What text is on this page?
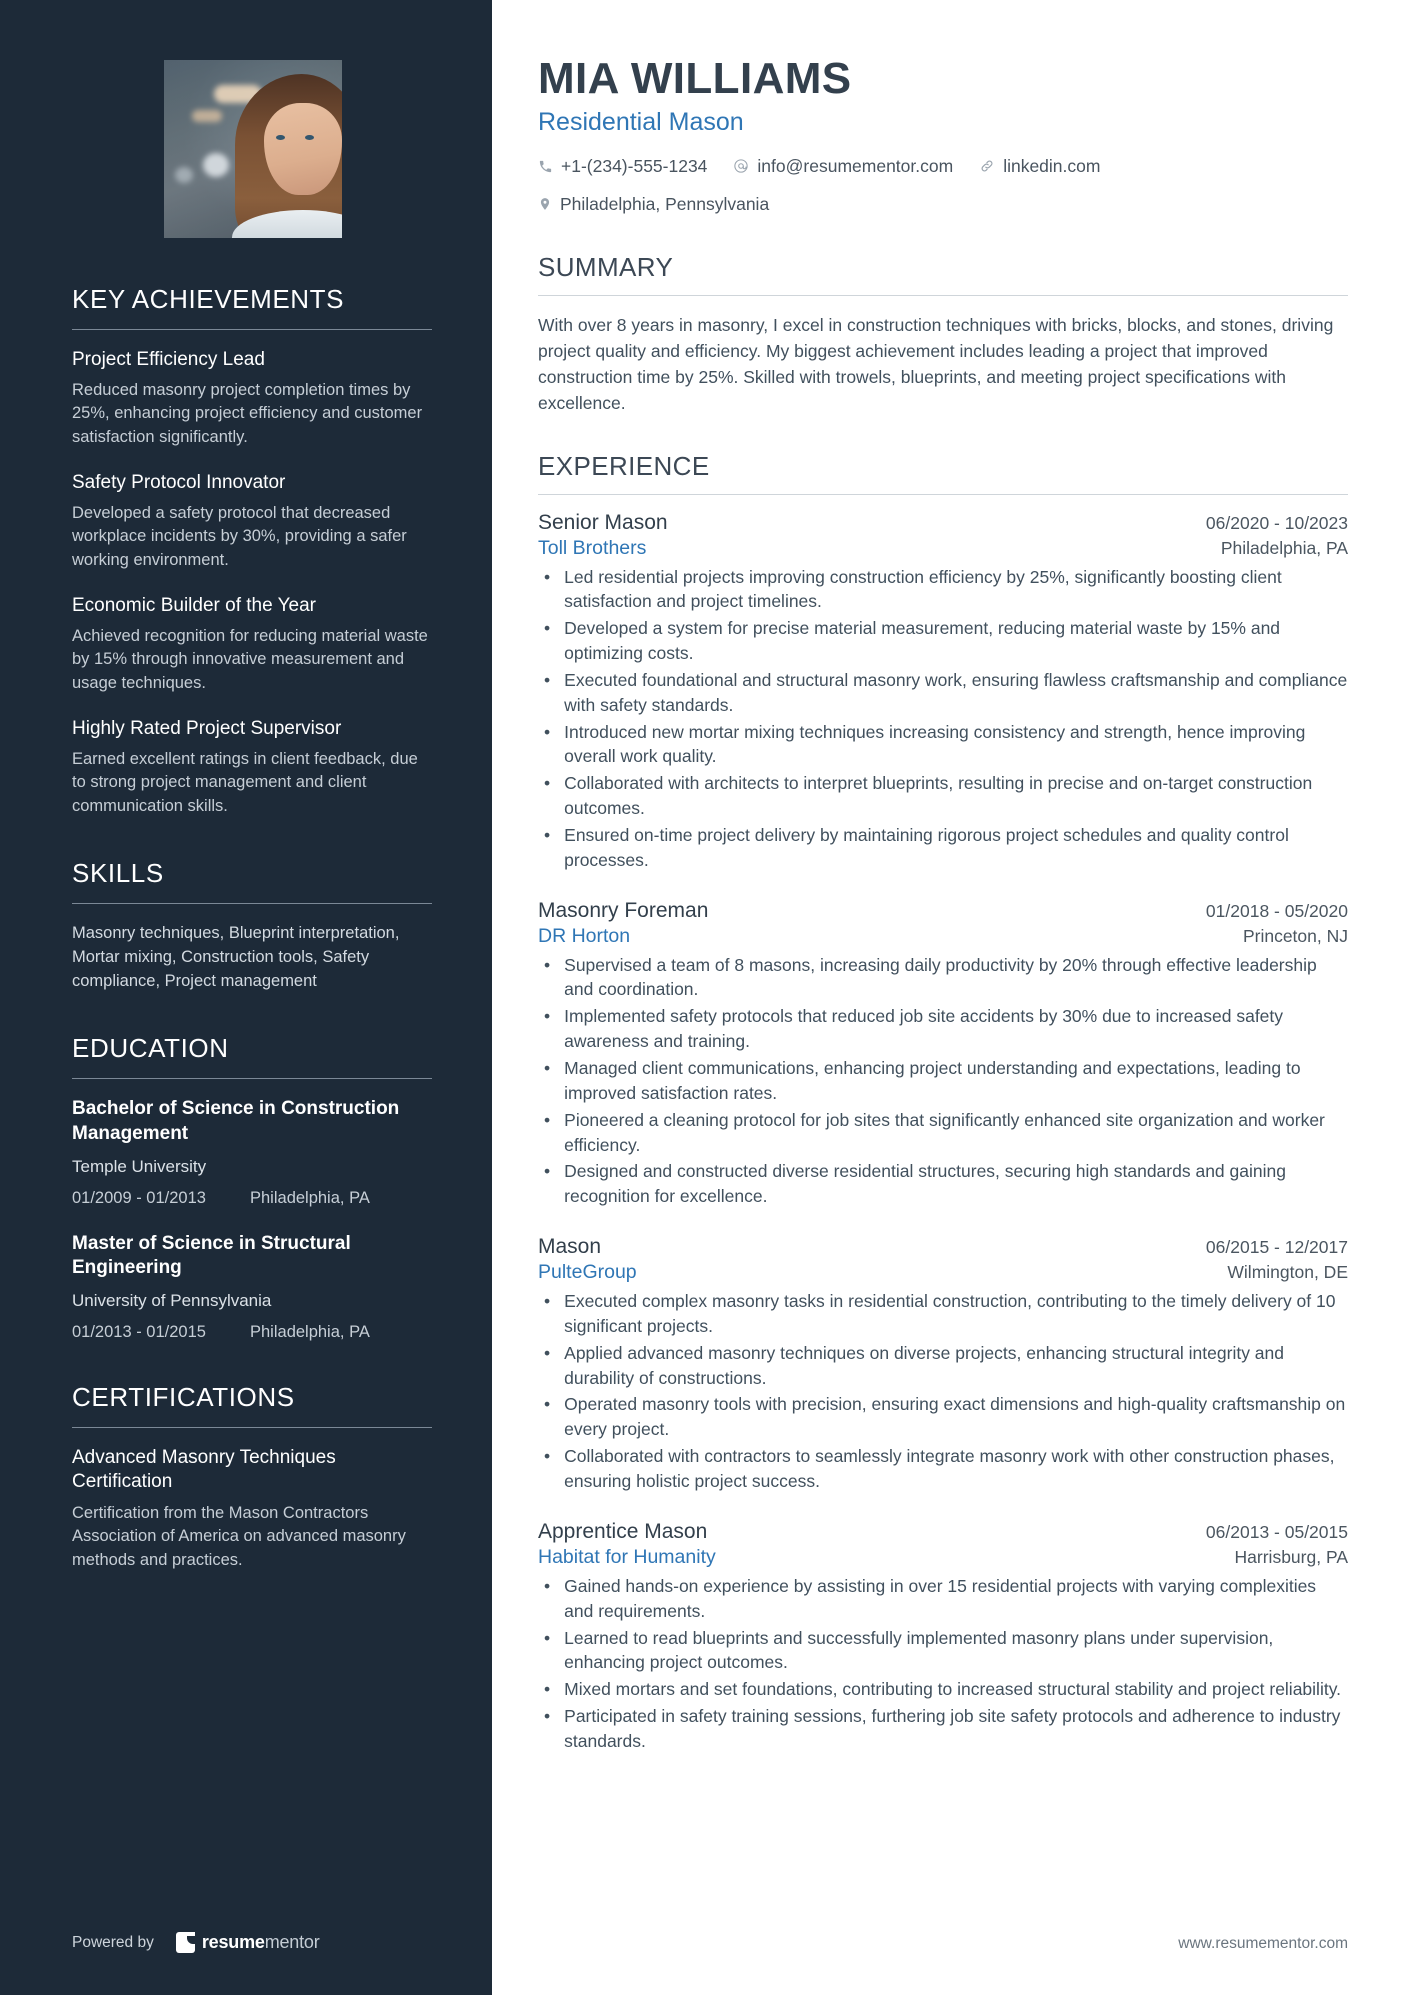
KEY ACHIEVEMENTS
Project Efficiency Lead
Reduced masonry project completion times by 25%, enhancing project efficiency and customer satisfaction significantly.
Safety Protocol Innovator
Developed a safety protocol that decreased workplace incidents by 30%, providing a safer working environment.
Economic Builder of the Year
Achieved recognition for reducing material waste by 15% through innovative measurement and usage techniques.
Highly Rated Project Supervisor
Earned excellent ratings in client feedback, due to strong project management and client communication skills.
SKILLS
Masonry techniques, Blueprint interpretation, Mortar mixing, Construction tools, Safety compliance, Project management
EDUCATION
Bachelor of Science in Construction Management
Temple University
01/2009 - 01/2013	Philadelphia, PA
Master of Science in Structural Engineering
University of Pennsylvania
01/2013 - 01/2015	Philadelphia, PA
CERTIFICATIONS
Advanced Masonry Techniques Certification
Certification from the Mason Contractors Association of America on advanced masonry methods and practices.
Powered by	resumementor
MIA WILLIAMS
Residential Mason
+1-(234)-555-1234	info@resumementor.com	linkedin.com
Philadelphia, Pennsylvania
SUMMARY

With over 8 years in masonry, I excel in construction techniques with bricks, blocks, and stones, driving project quality and efficiency. My biggest achievement includes leading a project that improved construction time by 25%. Skilled with trowels, blueprints, and meeting project specifications with excellence.

EXPERIENCE
Senior Mason	06/2020 - 10/2023
Toll Brothers	Philadelphia, PA
• Led residential projects improving construction efficiency by 25%, significantly boosting client satisfaction and project timelines.
• Developed a system for precise material measurement, reducing material waste by 15% and optimizing costs.
• Executed foundational and structural masonry work, ensuring flawless craftsmanship and compliance with safety standards.
• Introduced new mortar mixing techniques increasing consistency and strength, hence improving overall work quality.
• Collaborated with architects to interpret blueprints, resulting in precise and on-target construction outcomes.
• Ensured on-time project delivery by maintaining rigorous project schedules and quality control processes.
Masonry Foreman	01/2018 - 05/2020
DR Horton	Princeton, NJ
• Supervised a team of 8 masons, increasing daily productivity by 20% through effective leadership and coordination.
• Implemented safety protocols that reduced job site accidents by 30% due to increased safety awareness and training.
• Managed client communications, enhancing project understanding and expectations, leading to improved satisfaction rates.
• Pioneered a cleaning protocol for job sites that significantly enhanced site organization and worker efficiency.
• Designed and constructed diverse residential structures, securing high standards and gaining recognition for excellence.
Mason	06/2015 - 12/2017
PulteGroup	Wilmington, DE
• Executed complex masonry tasks in residential construction, contributing to the timely delivery of 10 significant projects.
• Applied advanced masonry techniques on diverse projects, enhancing structural integrity and durability of constructions.
• Operated masonry tools with precision, ensuring exact dimensions and high-quality craftsmanship on every project.
• Collaborated with contractors to seamlessly integrate masonry work with other construction phases, ensuring holistic project success.
Apprentice Mason	06/2013 - 05/2015
Habitat for Humanity	Harrisburg, PA
• Gained hands-on experience by assisting in over 15 residential projects with varying complexities and requirements.
• Learned to read blueprints and successfully implemented masonry plans under supervision, enhancing project outcomes.
• Mixed mortars and set foundations, contributing to increased structural stability and project reliability.
• Participated in safety training sessions, furthering job site safety protocols and adherence to industry standards.
www.resumementor.com
